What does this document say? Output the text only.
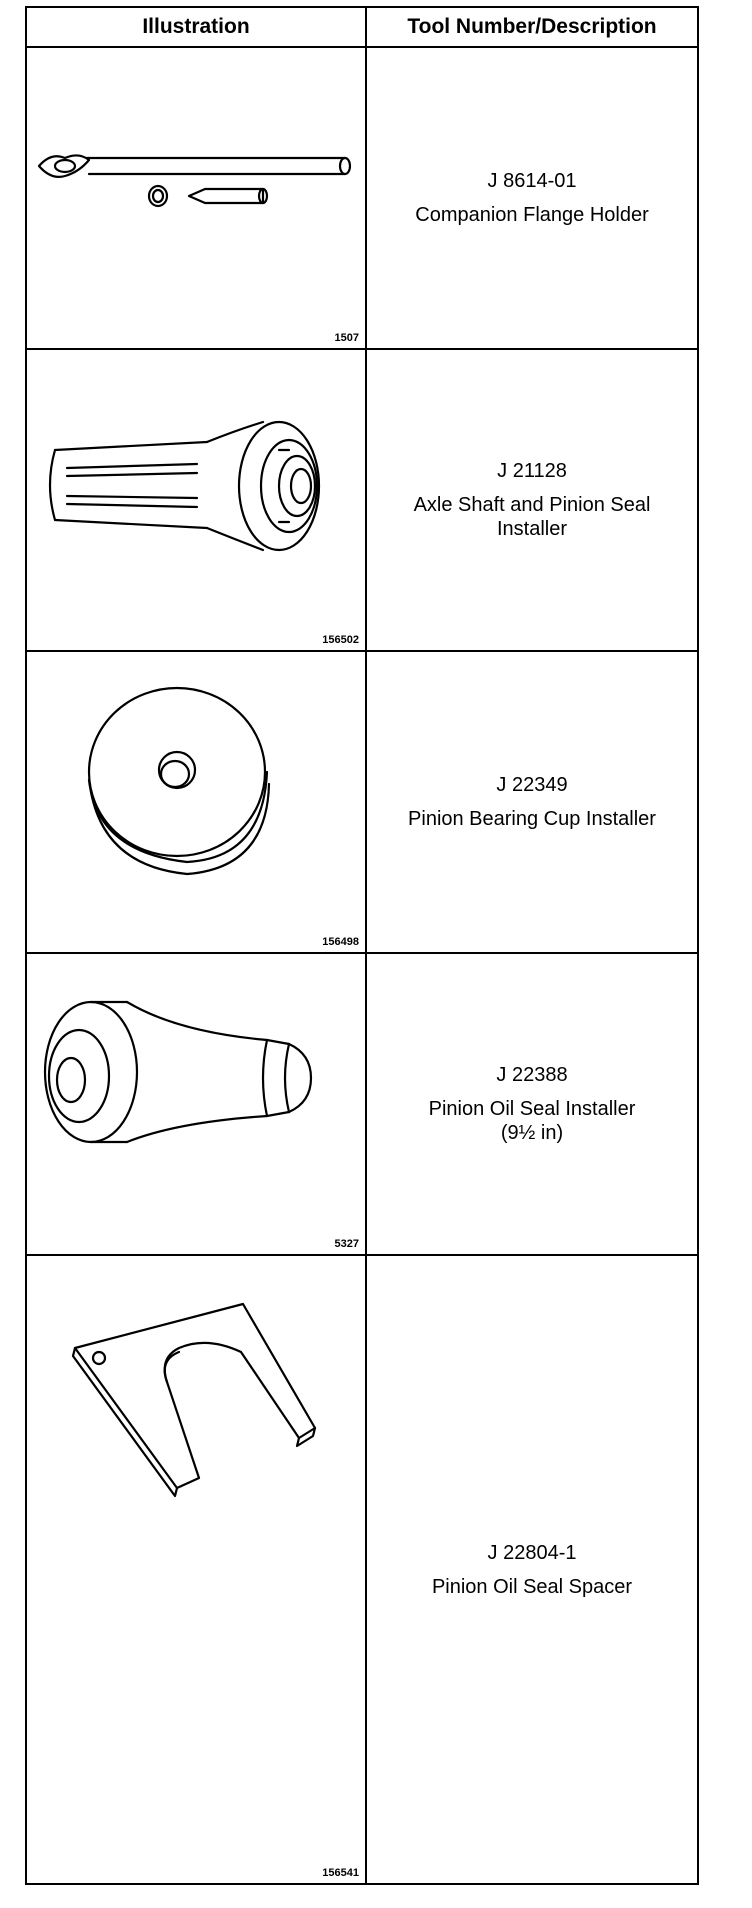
Illustration	Tool Number/Description
1507
J 8614-01
Companion Flange Holder
156502
J 21128
Axle Shaft and Pinion Seal
Installer
156498
J 22349
Pinion Bearing Cup Installer
5327
J 22388
Pinion Oil Seal Installer
(9½ in)
156541
J 22804-1
Pinion Oil Seal Spacer
